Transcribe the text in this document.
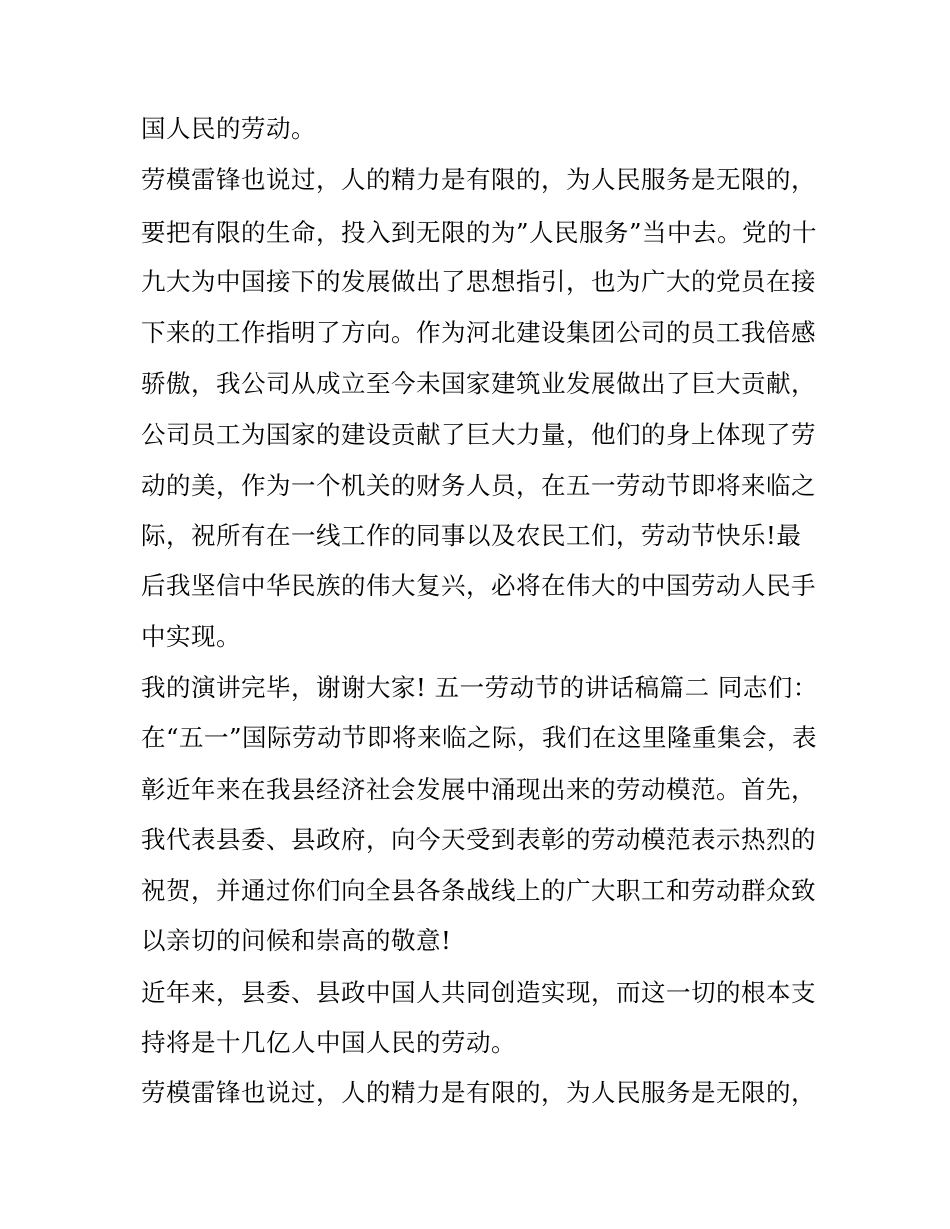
国人民的劳动。

劳模雷锋也说过，人的精力是有限的，为人民服务是无限的，

要把有限的生命，投入到无限的为”人民服务”当中去。党的十

九大为中国接下的发展做出了思想指引，也为广大的党员在接

下来的工作指明了方向。作为河北建设集团公司的员工我倍感

骄傲，我公司从成立至今未国家建筑业发展做出了巨大贡献，

公司员工为国家的建设贡献了巨大力量，他们的身上体现了劳

动的美，作为一个机关的财务人员，在五一劳动节即将来临之

际，祝所有在一线工作的同事以及农民工们，劳动节快乐!最

后我坚信中华民族的伟大复兴，必将在伟大的中国劳动人民手

中实现。

我的演讲完毕，谢谢大家! 五一劳动节的讲话稿篇二 同志们：

在“五一”国际劳动节即将来临之际，我们在这里隆重集会，表

彰近年来在我县经济社会发展中涌现出来的劳动模范。首先，

我代表县委、县政府，向今天受到表彰的劳动模范表示热烈的

祝贺，并通过你们向全县各条战线上的广大职工和劳动群众致

以亲切的问候和崇高的敬意!

近年来，县委、县政中国人共同创造实现，而这一切的根本支

持将是十几亿人中国人民的劳动。

劳模雷锋也说过，人的精力是有限的，为人民服务是无限的，
